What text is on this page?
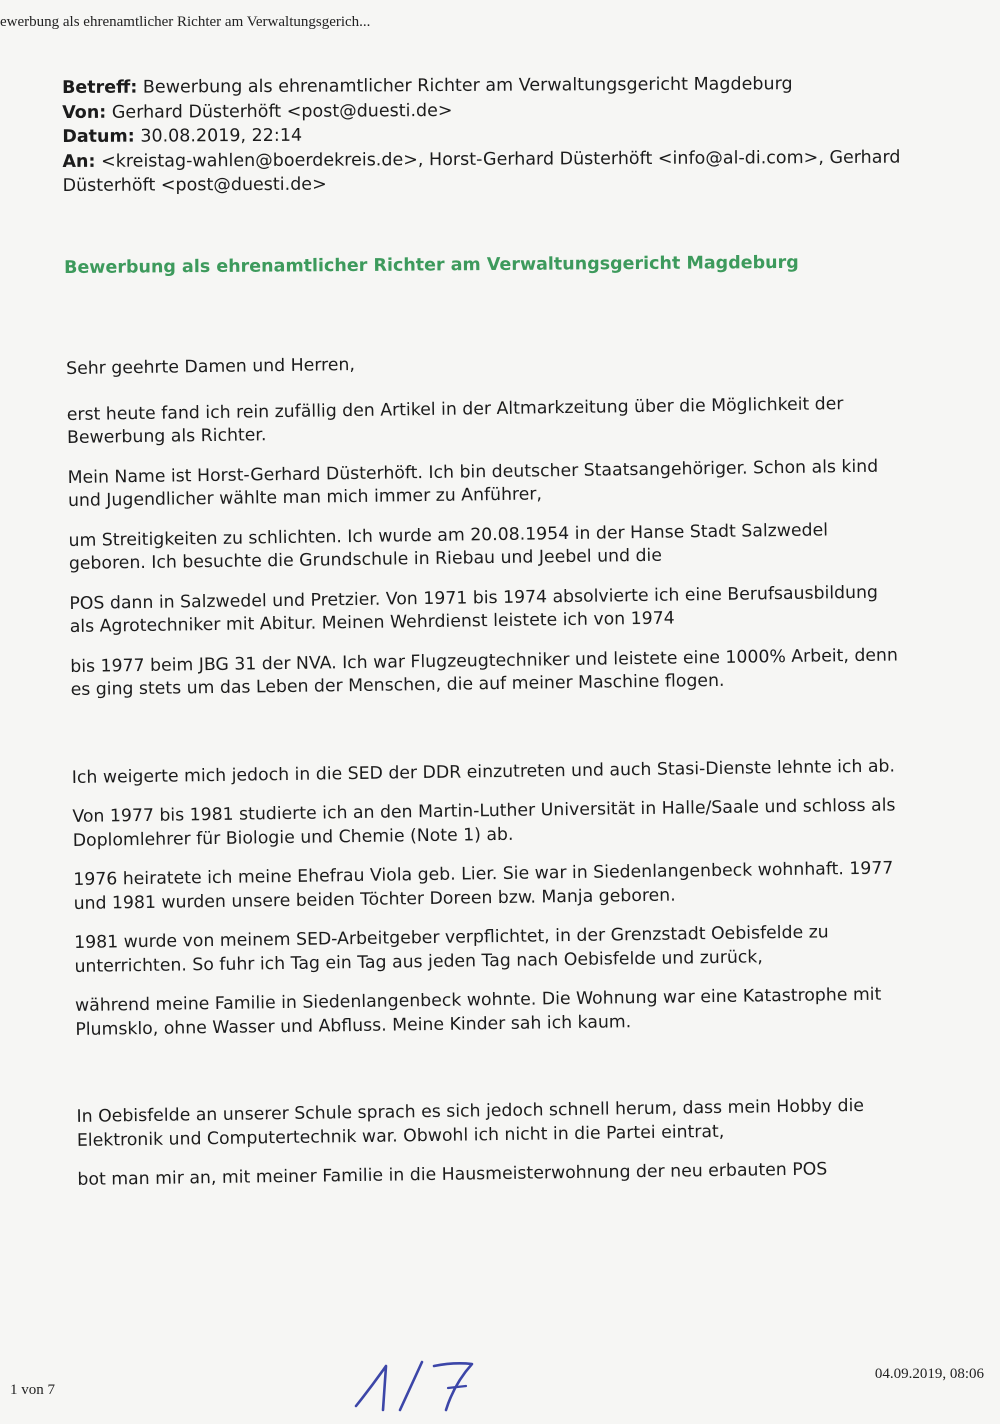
ewerbung als ehrenamtlicher Richter am Verwaltungsgerich...
Betreff: Bewerbung als ehrenamtlicher Richter am Verwaltungsgericht Magdeburg
Von: Gerhard Düsterhöft <post@duesti.de>
Datum: 30.08.2019, 22:14
An: <kreistag-wahlen@boerdekreis.de>, Horst-Gerhard Düsterhöft <info@al-di.com>, Gerhard Düsterhöft <post@duesti.de>
Bewerbung als ehrenamtlicher Richter am Verwaltungsgericht Magdeburg

Sehr geehrte Damen und Herren,

erst heute fand ich rein zufällig den Artikel in der Altmarkzeitung über die Möglichkeit der

Bewerbung als Richter.

Mein Name ist Horst-Gerhard Düsterhöft. Ich bin deutscher Staatsangehöriger. Schon als kind

und Jugendlicher wählte man mich immer zu Anführer,

um Streitigkeiten zu schlichten. Ich wurde am 20.08.1954 in der Hanse Stadt Salzwedel

geboren. Ich besuchte die Grundschule in Riebau und Jeebel und die

POS dann in Salzwedel und Pretzier. Von 1971 bis 1974 absolvierte ich eine Berufsausbildung

als Agrotechniker mit Abitur. Meinen Wehrdienst leistete ich von 1974

bis 1977 beim JBG 31 der NVA. Ich war Flugzeugtechniker und leistete eine 1000% Arbeit, denn

es ging stets um das Leben der Menschen, die auf meiner Maschine flogen.

Ich weigerte mich jedoch in die SED der DDR einzutreten und auch Stasi-Dienste lehnte ich ab.

Von 1977 bis 1981 studierte ich an den Martin-Luther Universität in Halle/Saale und schloss als

Doplomlehrer für Biologie und Chemie (Note 1) ab.

1976 heiratete ich meine Ehefrau Viola geb. Lier. Sie war in Siedenlangenbeck wohnhaft. 1977

und 1981 wurden unsere beiden Töchter Doreen bzw. Manja geboren.

1981 wurde von meinem SED-Arbeitgeber verpflichtet, in der Grenzstadt Oebisfelde zu

unterrichten. So fuhr ich Tag ein Tag aus jeden Tag nach Oebisfelde und zurück,

während meine Familie in Siedenlangenbeck wohnte. Die Wohnung war eine Katastrophe mit

Plumsklo, ohne Wasser und Abfluss. Meine Kinder sah ich kaum.

In Oebisfelde an unserer Schule sprach es sich jedoch schnell herum, dass mein Hobby die

Elektronik und Computertechnik war. Obwohl ich nicht in die Partei eintrat,

bot man mir an, mit meiner Familie in die Hausmeisterwohnung der neu erbauten POS

1 von 7
04.09.2019, 08:06
